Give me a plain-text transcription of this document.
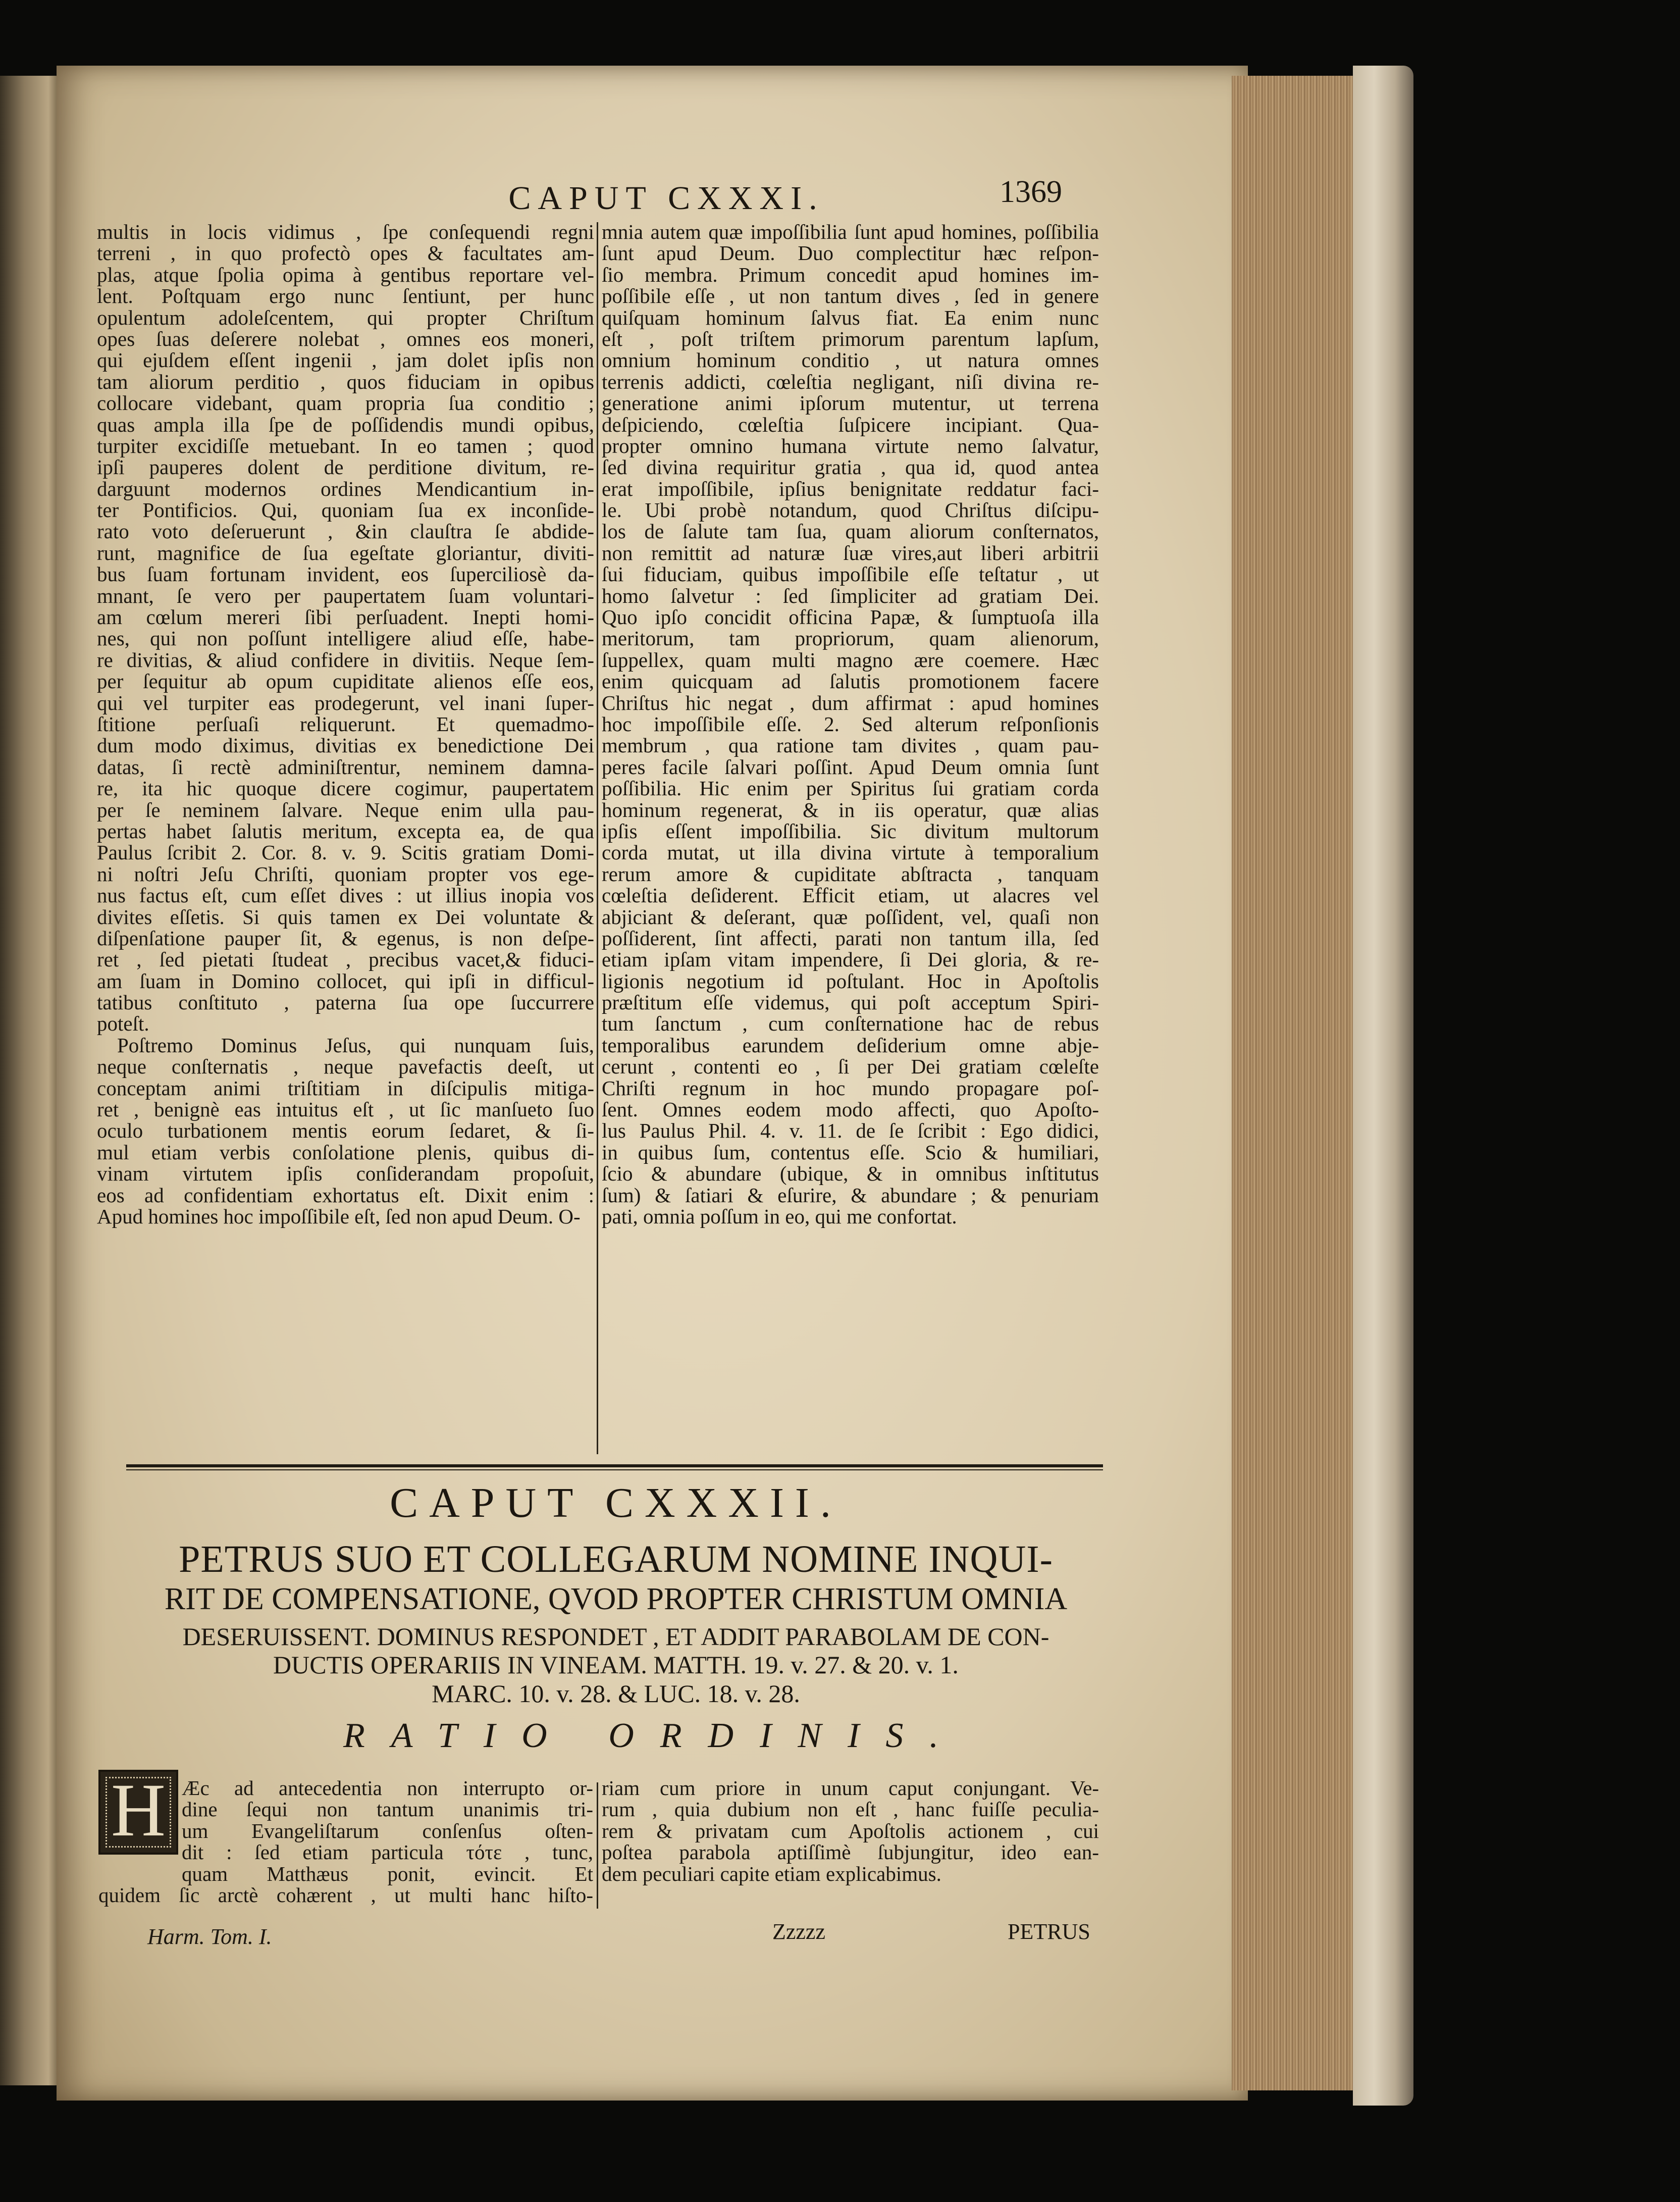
CAPUT CXXXI.	1369
multis in locis vidimus , ſpe conſequendi regni
terreni , in quo profectò opes & facultates am-
plas, atque ſpolia opima à gentibus reportare vel-
lent. Poſtquam ergo nunc ſentiunt, per hunc
opulentum adoleſcentem, qui propter Chriſtum
opes ſuas deſerere nolebat , omnes eos moneri,
qui ejuſdem eſſent ingenii , jam dolet ipſis non
tam aliorum perditio , quos fiduciam in opibus
collocare videbant, quam propria ſua conditio ;
quas ampla illa ſpe de poſſidendis mundi opibus,
turpiter excidiſſe metuebant. In eo tamen ; quod
ipſi pauperes dolent de perditione divitum, re-
darguunt modernos ordines Mendicantium in-
ter Pontificios. Qui, quoniam ſua ex inconſide-
rato voto deſeruerunt , &in clauſtra ſe abdide-
runt, magnifice de ſua egeſtate gloriantur, diviti-
bus ſuam fortunam invident, eos ſuperciliosè da-
mnant, ſe vero per paupertatem ſuam voluntari-
am cœlum mereri ſibi perſuadent. Inepti homi-
nes, qui non poſſunt intelligere aliud eſſe, habe-
re divitias, & aliud confidere in divitiis. Neque ſem-
per ſequitur ab opum cupiditate alienos eſſe eos,
qui vel turpiter eas prodegerunt, vel inani ſuper-
ſtitione perſuaſi reliquerunt. Et quemadmo-
dum modo diximus, divitias ex benedictione Dei
datas, ſi rectè adminiſtrentur, neminem damna-
re, ita hic quoque dicere cogimur, paupertatem
per ſe neminem ſalvare. Neque enim ulla pau-
pertas habet ſalutis meritum, excepta ea, de qua
Paulus ſcribit 2. Cor. 8. v. 9. Scitis gratiam Domi-
ni noſtri Jeſu Chriſti, quoniam propter vos ege-
nus factus eſt, cum eſſet dives : ut illius inopia vos
divites eſſetis. Si quis tamen ex Dei voluntate &
diſpenſatione pauper ſit, & egenus, is non deſpe-
ret , ſed pietati ſtudeat , precibus vacet,& fiduci-
am ſuam in Domino collocet, qui ipſi in difficul-
tatibus conſtituto , paterna ſua ope ſuccurrere
poteſt.
Poſtremo Dominus Jeſus, qui nunquam ſuis,
neque conſternatis , neque pavefactis deeſt, ut
conceptam animi triſtitiam in diſcipulis mitiga-
ret , benignè eas intuitus eſt , ut ſic manſueto ſuo
oculo turbationem mentis eorum ſedaret, & ſi-
mul etiam verbis conſolatione plenis, quibus di-
vinam virtutem ipſis conſiderandam propoſuit,
eos ad confidentiam exhortatus eſt. Dixit enim :
Apud homines hoc impoſſibile eſt, ſed non apud Deum. O-
mnia autem quæ impoſſibilia ſunt apud homines, poſſibilia
ſunt apud Deum. Duo complectitur hæc reſpon-
ſio membra. Primum concedit apud homines im-
poſſibile eſſe , ut non tantum dives , ſed in genere
quiſquam hominum ſalvus fiat. Ea enim nunc
eſt , poſt triſtem primorum parentum lapſum,
omnium hominum conditio , ut natura omnes
terrenis addicti, cœleſtia negligant, niſi divina re-
generatione animi ipſorum mutentur, ut terrena
deſpiciendo, cœleſtia ſuſpicere incipiant. Qua-
propter omnino humana virtute nemo ſalvatur,
ſed divina requiritur gratia , qua id, quod antea
erat impoſſibile, ipſius benignitate reddatur faci-
le. Ubi probè notandum, quod Chriſtus diſcipu-
los de ſalute tam ſua, quam aliorum conſternatos,
non remittit ad naturæ ſuæ vires,aut liberi arbitrii
ſui fiduciam, quibus impoſſibile eſſe teſtatur , ut
homo ſalvetur : ſed ſimpliciter ad gratiam Dei.
Quo ipſo concidit officina Papæ, & ſumptuoſa illa
meritorum, tam propriorum, quam alienorum,
ſuppellex, quam multi magno ære coemere. Hæc
enim quicquam ad ſalutis promotionem facere
Chriſtus hic negat , dum affirmat : apud homines
hoc impoſſibile eſſe. 2. Sed alterum reſponſionis
membrum , qua ratione tam divites , quam pau-
peres facile ſalvari poſſint. Apud Deum omnia ſunt
poſſibilia. Hic enim per Spiritus ſui gratiam corda
hominum regenerat, & in iis operatur, quæ alias
ipſis eſſent impoſſibilia. Sic divitum multorum
corda mutat, ut illa divina virtute à temporalium
rerum amore & cupiditate abſtracta , tanquam
cœleſtia deſiderent. Efficit etiam, ut alacres vel
abjiciant & deſerant, quæ poſſident, vel, quaſi non
poſſiderent, ſint affecti, parati non tantum illa, ſed
etiam ipſam vitam impendere, ſi Dei gloria, & re-
ligionis negotium id poſtulant. Hoc in Apoſtolis
præſtitum eſſe videmus, qui poſt acceptum Spiri-
tum ſanctum , cum conſternatione hac de rebus
temporalibus earundem deſiderium omne abje-
cerunt , contenti eo , ſi per Dei gratiam cœleſte
Chriſti regnum in hoc mundo propagare poſ-
ſent. Omnes eodem modo affecti, quo Apoſto-
lus Paulus Phil. 4. v. 11. de ſe ſcribit : Ego didici,
in quibus ſum, contentus eſſe. Scio & humiliari,
ſcio & abundare (ubique, & in omnibus inſtitutus
ſum) & ſatiari & eſurire, & abundare ; & penuriam
pati, omnia poſſum in eo, qui me confortat.
CAPUT CXXXII.
PETRUS SUO ET COLLEGARUM NOMINE INQUI-
RIT DE COMPENSATIONE, QVOD PROPTER CHRISTUM OMNIA
DESERUISSENT. DOMINUS RESPONDET , ET ADDIT PARABOLAM DE CON-
DUCTIS OPERARIIS IN VINEAM. MATTH. 19. v. 27. & 20. v. 1.
MARC. 10. v. 28. & LUC. 18. v. 28.
RATIO ORDINIS.
H Æc ad antecedentia non interrupto or-
dine ſequi non tantum unanimis tri-
um Evangeliſtarum conſenſus oſten-
dit : ſed etiam particula τότε , tunc,
quam Matthæus ponit, evincit. Et
quidem ſic arctè cohærent , ut multi hanc hiſto-
riam cum priore in unum caput conjungant. Ve-
rum , quia dubium non eſt , hanc fuiſſe peculia-
rem & privatam cum Apoſtolis actionem , cui
poſtea parabola aptiſſimè ſubjungitur, ideo ean-
dem peculiari capite etiam explicabimus.
Harm. Tom. I.	Zzzzz	PETRUS
